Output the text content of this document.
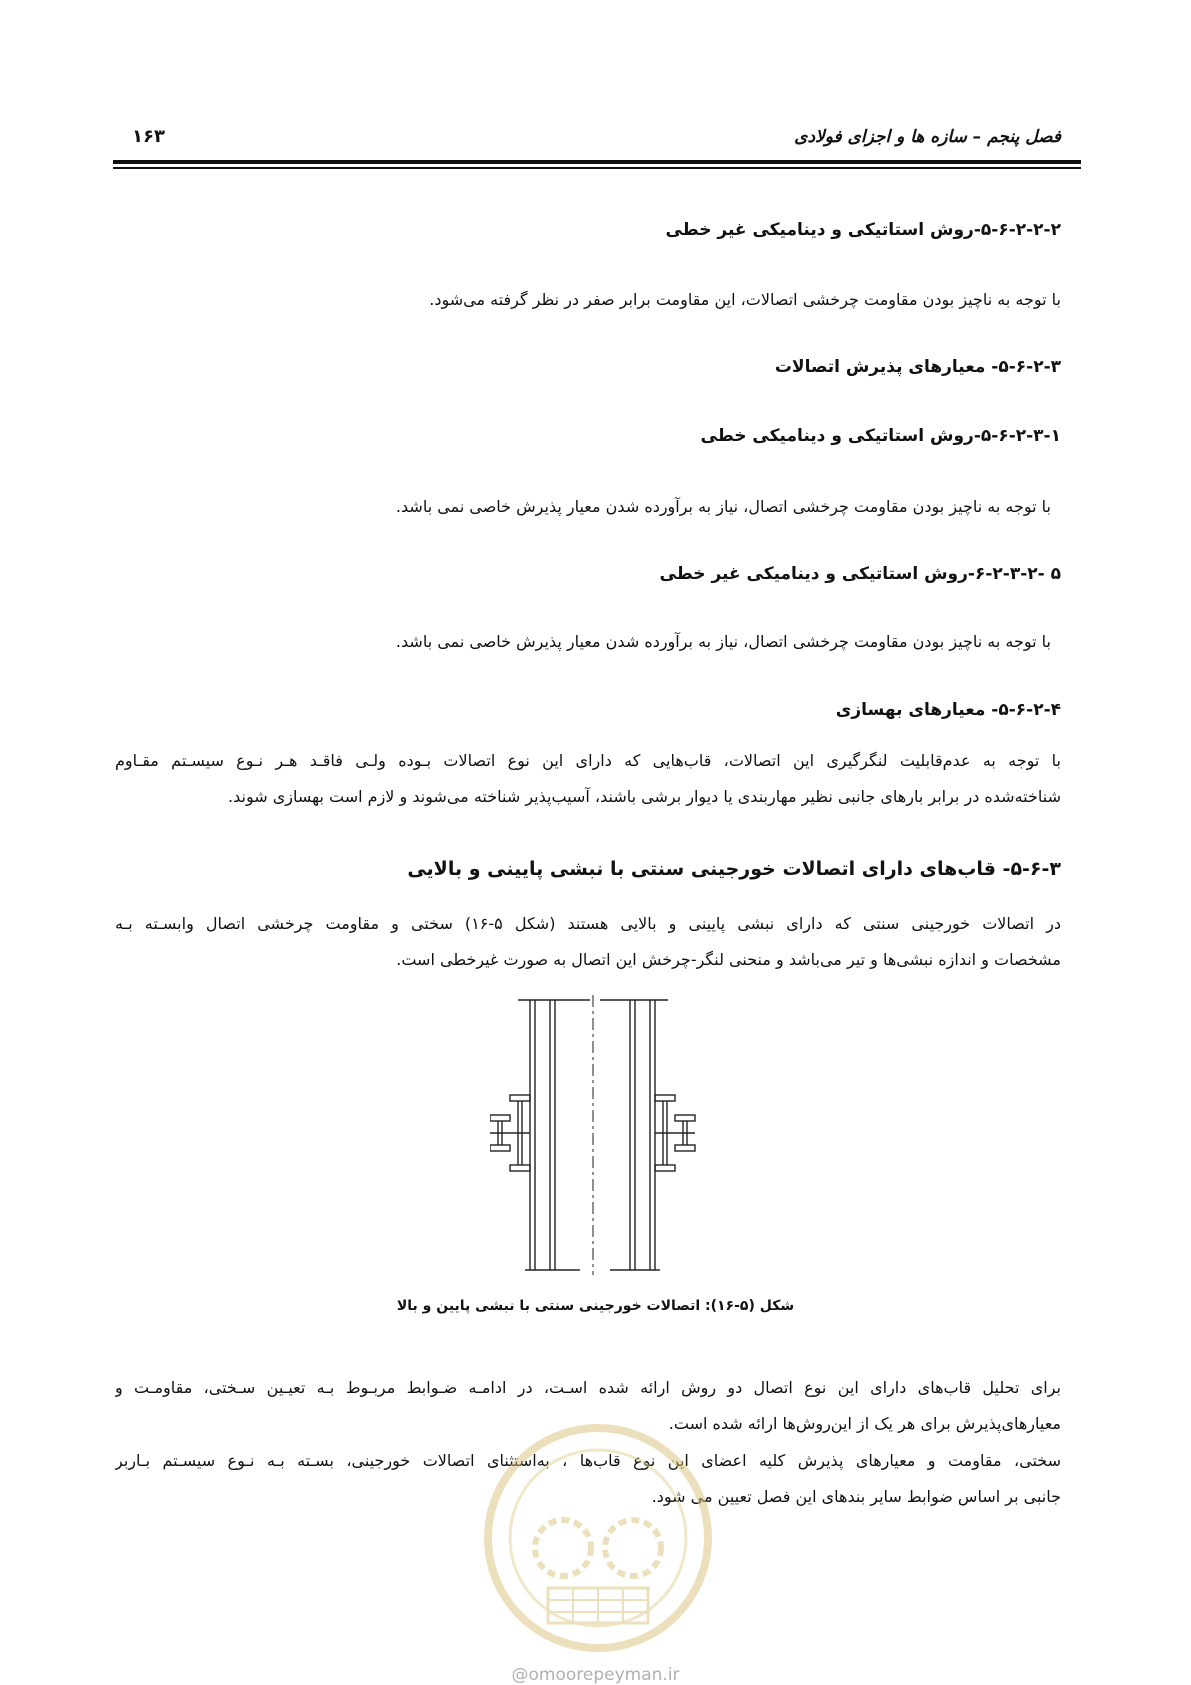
فصل پنجم – سازه ها و اجزای فولادی
۱۶۳
۵-۶-۲-۲-۲-روش استاتیکی و دینامیکی غیر خطی
با توجه به ناچیز بودن مقاومت چرخشی اتصالات، این مقاومت برابر صفر در نظر گرفته می‌شود.
۵-۶-۲-۳- معیارهای پذیرش اتصالات
۵-۶-۲-۳-۱-روش استاتیکی و دینامیکی خطی
با توجه به ناچیز بودن مقاومت چرخشی اتصال، نیاز به برآورده شدن معیار پذیرش خاصی نمی باشد.
۵ -۶-۲-۳-۲-روش استاتیکی و دینامیکی غیر خطی
با توجه به ناچیز بودن مقاومت چرخشی اتصال، نیاز به برآورده شدن معیار پذیرش خاصی نمی باشد.
۵-۶-۲-۴- معیارهای بهسازی
با توجه به عدم‌قابلیت لنگرگیری این اتصالات، قاب‌هایی که دارای این نوع اتصالات بـوده ولـی فاقـد هـر نـوع سیسـتم مقـاوم
شناخته‌شده در برابر بارهای جانبی نظیر مهاربندی یا دیوار برشی باشند، آسیب‌پذیر شناخته می‌شوند و لازم است بهسازی شوند.
۵-۶-۳- قاب‌های دارای اتصالات خورجینی سنتی با نبشی پایینی و بالایی
در اتصالات خورجینی سنتی که دارای نبشی پایینی و بالایی هستند (شکل ۵-۱۶) سختی و مقاومت چرخشی اتصال وابسـته بـه
مشخصات و اندازه نبشی‌ها و تیر می‌باشد و منحنی لنگر-چرخش این اتصال به صورت غیرخطی است.
شکل (۵-۱۶): اتصالات خورجینی سنتی با نبشی پایین و بالا
برای تحلیل قاب‌های دارای این نوع اتصال دو روش ارائه شده اسـت، در ادامـه ضـوابط مربـوط بـه تعیـین سـختی، مقاومـت و
معیارهای‌پذیرش برای هر یک از این‌روش‌ها ارائه شده است.
سختی، مقاومت و معیارهای پذیرش کلیه اعضای این نوع قاب‌ها ، به‌استثنای اتصالات خورجینی، بسـته بـه نـوع سیسـتم بـاربر
جانبی بر اساس ضوابط سایر بندهای این فصل تعیین می شود.
@omoorepeyman.ir
